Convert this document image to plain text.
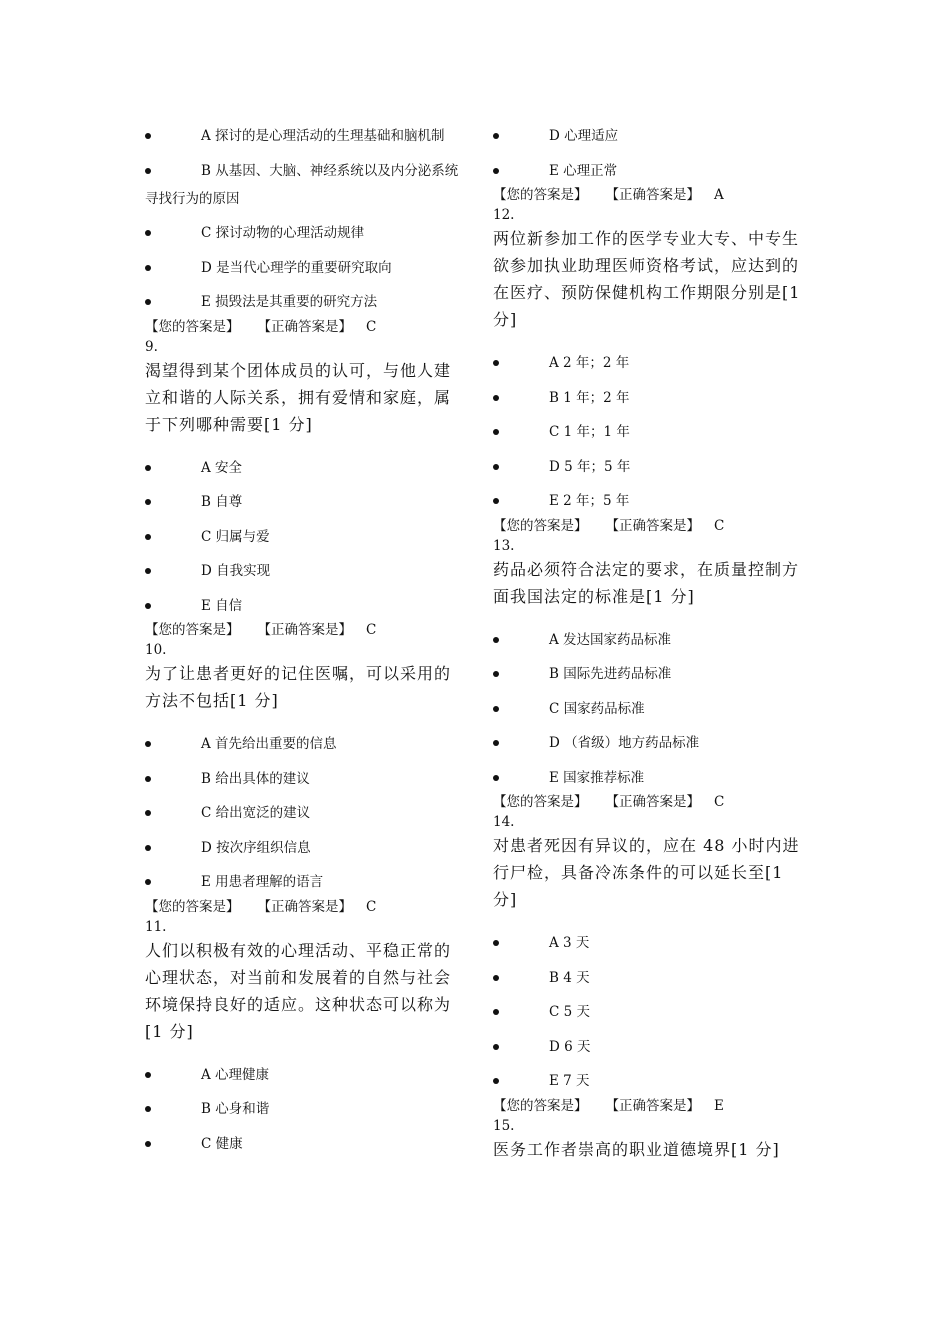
A 探讨的是心理活动的生理基础和脑机制
B 从基因、大脑、神经系统以及内分泌系统寻找行为的原因
C 探讨动物的心理活动规律
D 是当代心理学的重要研究取向
E 损毁法是其重要的研究方法
【您的答案是】 【正确答案是】 C
9.
渴望得到某个团体成员的认可，与他人建立和谐的人际关系，拥有爱情和家庭，属于下列哪种需要[1 分]
A 安全
B 自尊
C 归属与爱
D 自我实现
E 自信
【您的答案是】 【正确答案是】 C
10.
为了让患者更好的记住医嘱，可以采用的方法不包括[1 分]
A 首先给出重要的信息
B 给出具体的建议
C 给出宽泛的建议
D 按次序组织信息
E 用患者理解的语言
【您的答案是】 【正确答案是】 C
11.
人们以积极有效的心理活动、平稳正常的心理状态，对当前和发展着的自然与社会环境保持良好的适应。这种状态可以称为[1 分]
A 心理健康
B 心身和谐
C 健康
D 心理适应
E 心理正常
【您的答案是】 【正确答案是】 A
12.
两位新参加工作的医学专业大专、中专生欲参加执业助理医师资格考试，应达到的在医疗、预防保健机构工作期限分别是[1 分]
A 2 年；2 年
B 1 年；2 年
C 1 年；1 年
D 5 年；5 年
E 2 年；5 年
【您的答案是】 【正确答案是】 C
13.
药品必须符合法定的要求，在质量控制方面我国法定的标准是[1 分]
A 发达国家药品标准
B 国际先进药品标准
C 国家药品标准
D （省级）地方药品标准
E 国家推荐标准
【您的答案是】 【正确答案是】 C
14.
对患者死因有异议的，应在 48 小时内进行尸检，具备冷冻条件的可以延长至[1 分]
A 3 天
B 4 天
C 5 天
D 6 天
E 7 天
【您的答案是】 【正确答案是】 E
15.
医务工作者崇高的职业道德境界[1 分]
